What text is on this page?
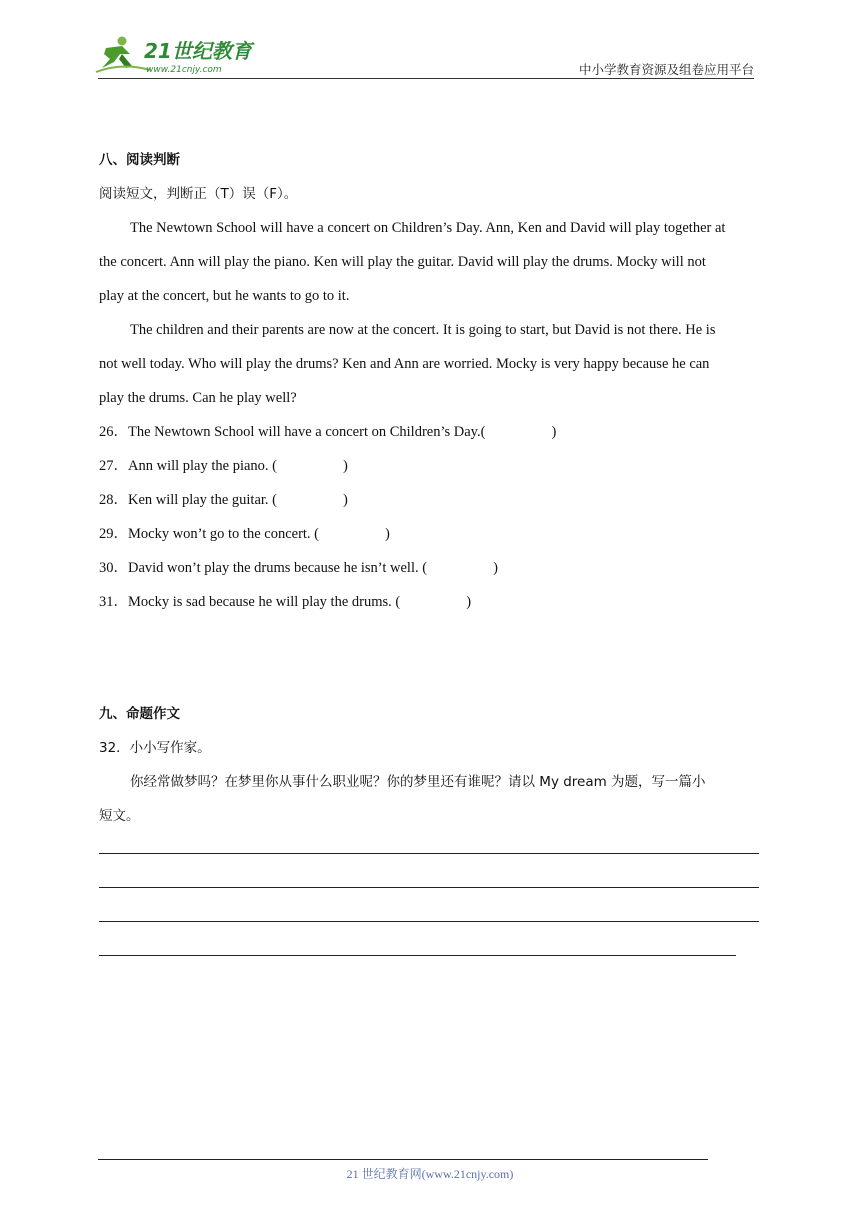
21世纪教育
www.21cnjy.com	中小学教育资源及组卷应用平台
八、阅读判断
阅读短文，判断正（T）误（F）。
The Newtown School will have a concert on Children’s Day. Ann, Ken and David will play together at
the concert. Ann will play the piano. Ken will play the guitar. David will play the drums. Mocky will not
play at the concert, but he wants to go to it.
The children and their parents are now at the concert. It is going to start, but David is not there. He is
not well today. Who will play the drums? Ken and Ann are worried. Mocky is very happy because he can
play the drums. Can he play well?
26．The Newtown School will have a concert on Children’s Day.(	)
27．Ann will play the piano. (	)
28．Ken will play the guitar. (	)
29．Mocky won’t go to the concert. (	)
30．David won’t play the drums because he isn’t well. (	)
31．Mocky is sad because he will play the drums. (	)
九、命题作文
32．小小写作家。
你经常做梦吗？在梦里你从事什么职业呢？你的梦里还有谁呢？请以 My dream 为题，写一篇小
短文。
21 世纪教育网(www.21cnjy.com)
